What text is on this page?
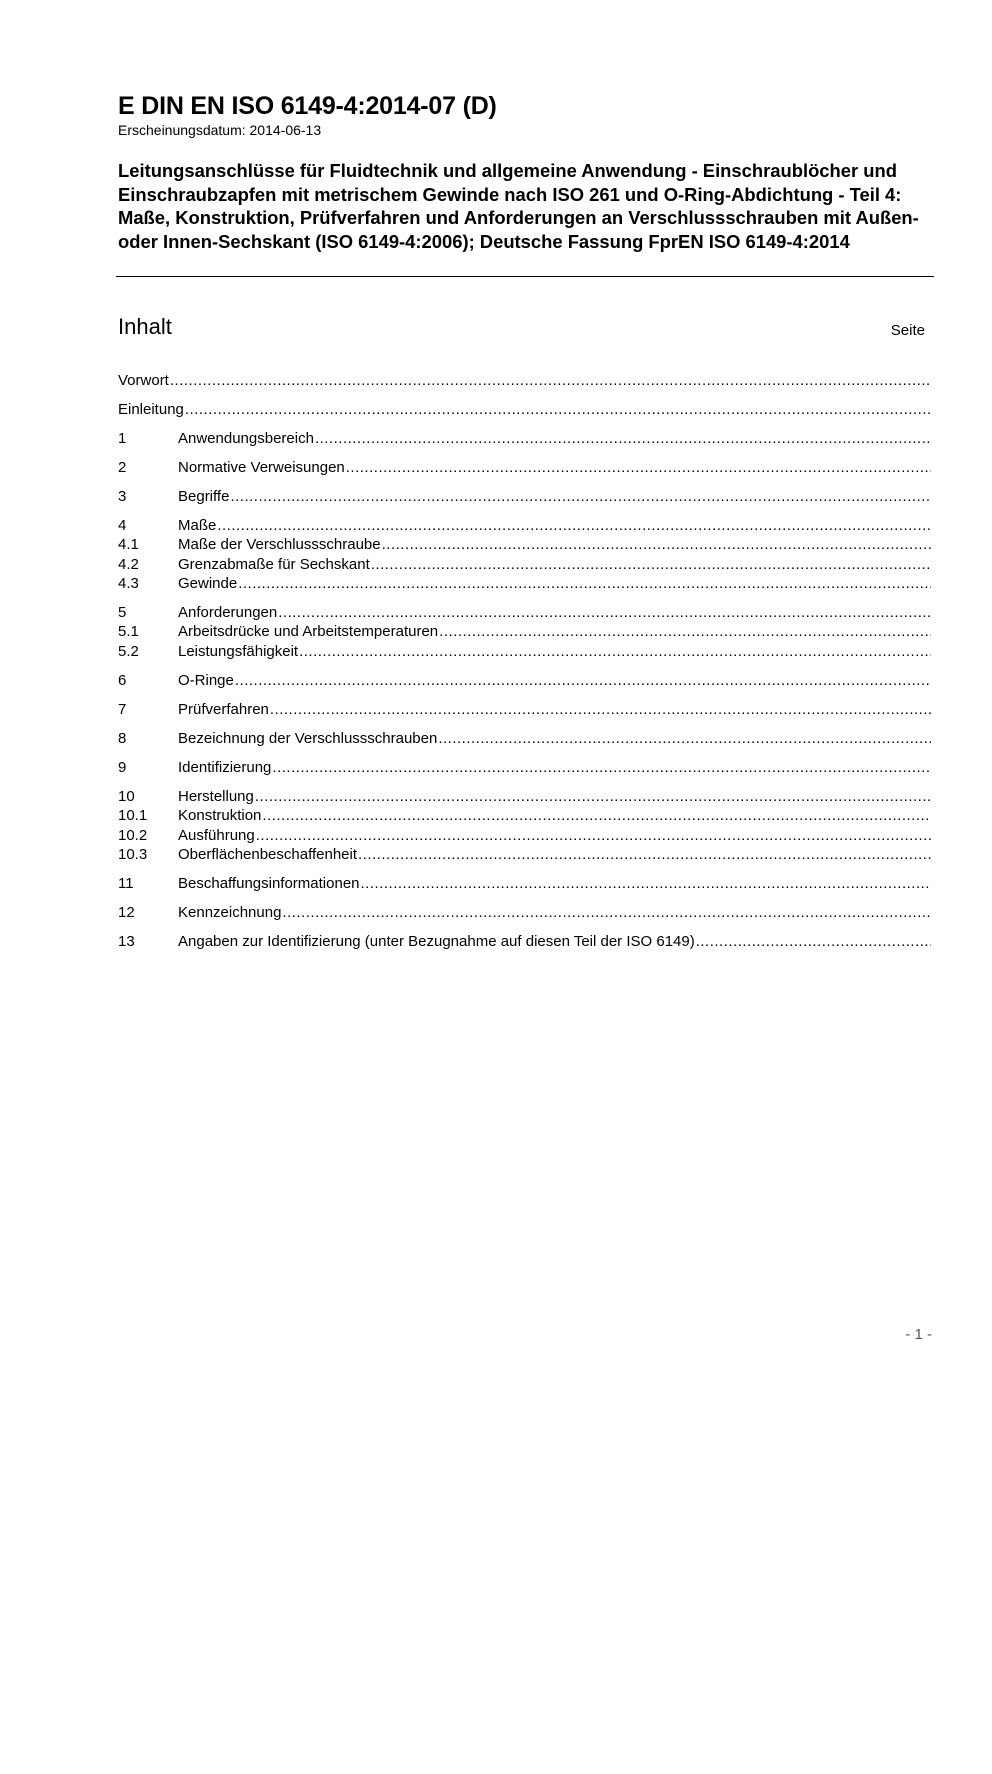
E DIN EN ISO 6149-4:2014-07 (D)
Erscheinungsdatum: 2014-06-13
Leitungsanschlüsse für Fluidtechnik und allgemeine Anwendung - Einschraublöcher und Einschraubzapfen mit metrischem Gewinde nach ISO 261 und O-Ring-Abdichtung - Teil 4: Maße, Konstruktion, Prüfverfahren und Anforderungen an Verschlussschrauben mit Außen- oder Innen-Sechskant (ISO 6149-4:2006); Deutsche Fassung FprEN ISO 6149-4:2014
Inhalt	Seite
Vorwort
.....
Einleitung
.....
1	Anwendungsbereich
.....
2	Normative Verweisungen
.....
3	Begriffe
.....
4	Maße
.....
4.1	Maße der Verschlussschraube
.....
4.2	Grenzabmaße für Sechskant
.....
4.3	Gewinde
.....
5	Anforderungen
.....
5.1	Arbeitsdrücke und Arbeitstemperaturen
.....
5.2	Leistungsfähigkeit
.....
6	O-Ringe
.....
7	Prüfverfahren
.....
8	Bezeichnung der Verschlussschrauben
.....
9	Identifizierung
.....
10	Herstellung
.....
10.1	Konstruktion
.....
10.2	Ausführung
.....
10.3	Oberflächenbeschaffenheit
.....
11	Beschaffungsinformationen
.....
12	Kennzeichnung
.....
13	Angaben zur Identifizierung (unter Bezugnahme auf diesen Teil der ISO 6149)
.....
- 1 -
